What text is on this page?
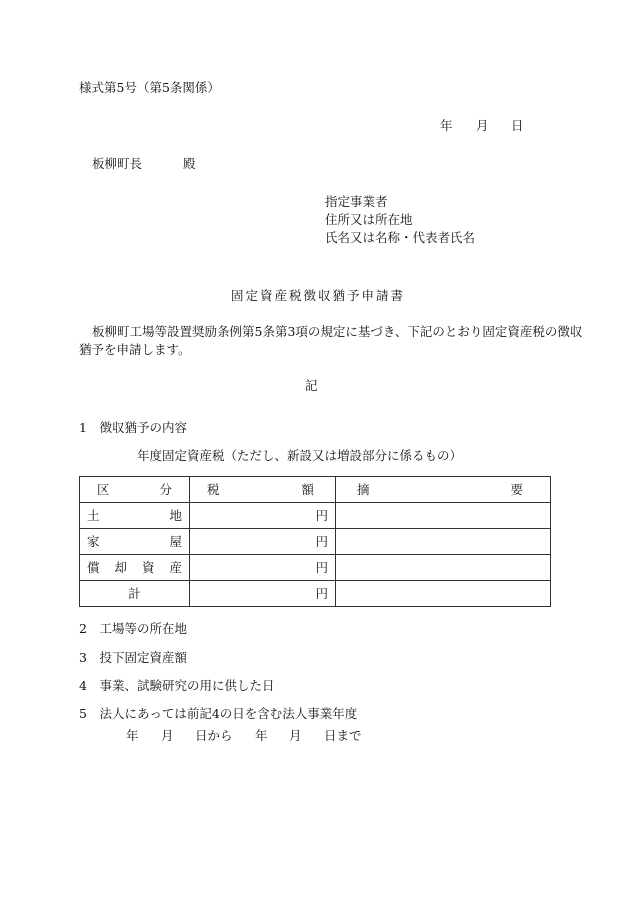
様式第5号（第5条関係）
年 月 日
板柳町長	殿
指定事業者
住所又は所在地
氏名又は名称・代表者氏名
固定資産税徴収猶予申請書
板柳町工場等設置奨励条例第5条第3項の規定に基づき、下記のとおり固定資産税の徴収
猶予を申請します。
記
1　徴収猶予の内容
年度固定資産税（ただし、新設又は増設部分に係るもの）
区 分	税 額	摘 要

土 地	円	

家 屋	円	

償 却 資 産	円	
計	円	
2　工場等の所在地
3　投下固定資産額
4　事業、試験研究の用に供した日
5　法人にあっては前記4の日を含む法人事業年度
年 月 日から 年 月 日まで
